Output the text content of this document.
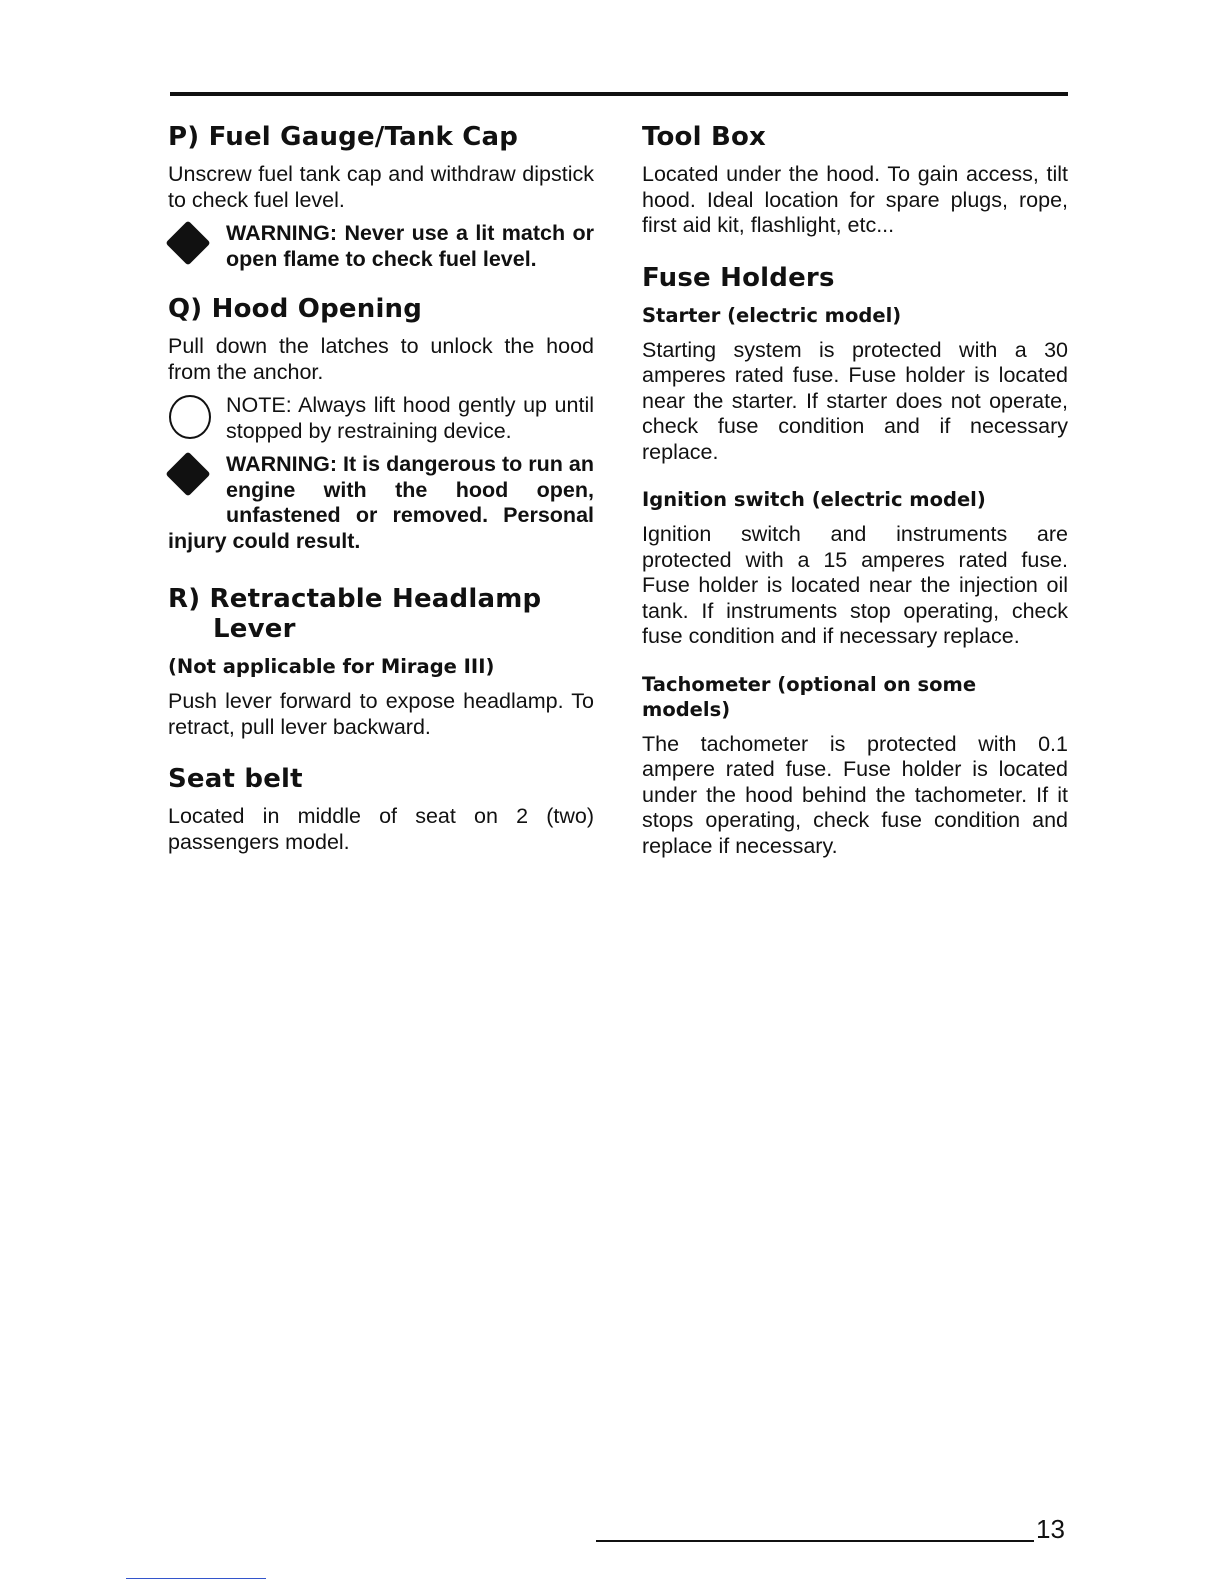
P) Fuel Gauge/Tank Cap

Unscrew fuel tank cap and withdraw dipstick to check fuel level.

WARNING: Never use a lit match or open flame to check fuel level.
Q) Hood Opening

Pull down the latches to unlock the hood from the anchor.

NOTE: Always lift hood gently up until stopped by restraining device.
WARNING: It is dangerous to run an engine with the hood open, unfastened or removed. Personal injury could result.
R) Retractable Headlamp Lever
(Not applicable for Mirage III)

Push lever forward to expose headlamp. To retract, pull lever backward.

Seat belt

Located in middle of seat on 2 (two) passengers model.

Tool Box

Located under the hood. To gain access, tilt hood. Ideal location for spare plugs, rope, first aid kit, flashlight, etc...

Fuse Holders
Starter (electric model)

Starting system is protected with a 30 amperes rated fuse. Fuse holder is located near the starter. If starter does not operate, check fuse condition and if necessary replace.

Ignition switch (electric model)

Ignition switch and instruments are protected with a 15 amperes rated fuse. Fuse holder is located near the injection oil tank. If instruments stop operating, check fuse condition and if necessary replace.

Tachometer (optional on some models)

The tachometer is protected with 0.1 ampere rated fuse. Fuse holder is located under the hood behind the tachometer. If it stops operating, check fuse condition and replace if necessary.

13
